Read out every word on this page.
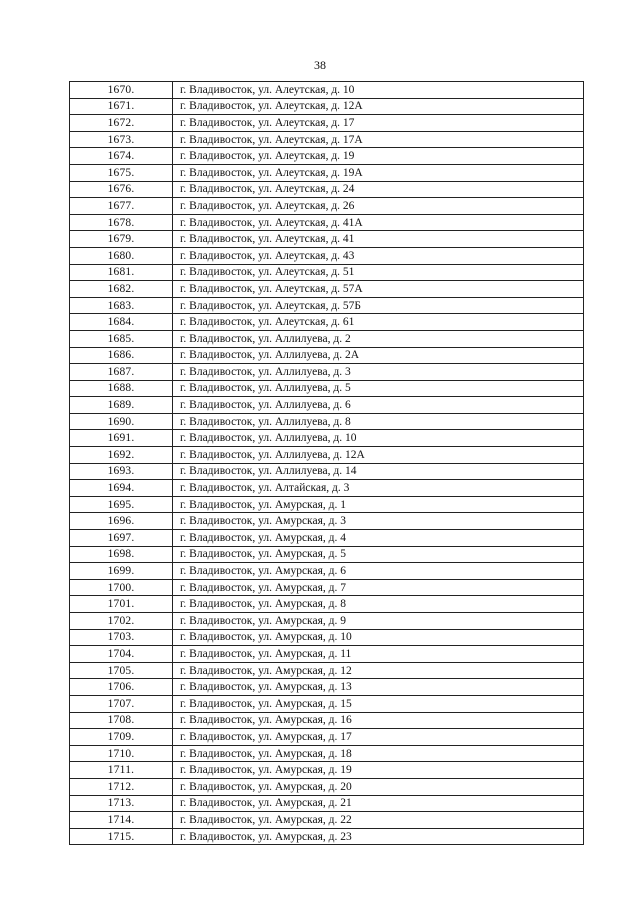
38
1670.	г. Владивосток, ул. Алеутская, д. 10
1671.	г. Владивосток, ул. Алеутская, д. 12А
1672.	г. Владивосток, ул. Алеутская, д. 17
1673.	г. Владивосток, ул. Алеутская, д. 17А
1674.	г. Владивосток, ул. Алеутская, д. 19
1675.	г. Владивосток, ул. Алеутская, д. 19А
1676.	г. Владивосток, ул. Алеутская, д. 24
1677.	г. Владивосток, ул. Алеутская, д. 26
1678.	г. Владивосток, ул. Алеутская, д. 41А
1679.	г. Владивосток, ул. Алеутская, д. 41
1680.	г. Владивосток, ул. Алеутская, д. 43
1681.	г. Владивосток, ул. Алеутская, д. 51
1682.	г. Владивосток, ул. Алеутская, д. 57А
1683.	г. Владивосток, ул. Алеутская, д. 57Б
1684.	г. Владивосток, ул. Алеутская, д. 61
1685.	г. Владивосток, ул. Аллилуева, д. 2
1686.	г. Владивосток, ул. Аллилуева, д. 2А
1687.	г. Владивосток, ул. Аллилуева, д. 3
1688.	г. Владивосток, ул. Аллилуева, д. 5
1689.	г. Владивосток, ул. Аллилуева, д. 6
1690.	г. Владивосток, ул. Аллилуева, д. 8
1691.	г. Владивосток, ул. Аллилуева, д. 10
1692.	г. Владивосток, ул. Аллилуева, д. 12А
1693.	г. Владивосток, ул. Аллилуева, д. 14
1694.	г. Владивосток, ул. Алтайская, д. 3
1695.	г. Владивосток, ул. Амурская, д. 1
1696.	г. Владивосток, ул. Амурская, д. 3
1697.	г. Владивосток, ул. Амурская, д. 4
1698.	г. Владивосток, ул. Амурская, д. 5
1699.	г. Владивосток, ул. Амурская, д. 6
1700.	г. Владивосток, ул. Амурская, д. 7
1701.	г. Владивосток, ул. Амурская, д. 8
1702.	г. Владивосток, ул. Амурская, д. 9
1703.	г. Владивосток, ул. Амурская, д. 10
1704.	г. Владивосток, ул. Амурская, д. 11
1705.	г. Владивосток, ул. Амурская, д. 12
1706.	г. Владивосток, ул. Амурская, д. 13
1707.	г. Владивосток, ул. Амурская, д. 15
1708.	г. Владивосток, ул. Амурская, д. 16
1709.	г. Владивосток, ул. Амурская, д. 17
1710.	г. Владивосток, ул. Амурская, д. 18
1711.	г. Владивосток, ул. Амурская, д. 19
1712.	г. Владивосток, ул. Амурская, д. 20
1713.	г. Владивосток, ул. Амурская, д. 21
1714.	г. Владивосток, ул. Амурская, д. 22
1715.	г. Владивосток, ул. Амурская, д. 23
